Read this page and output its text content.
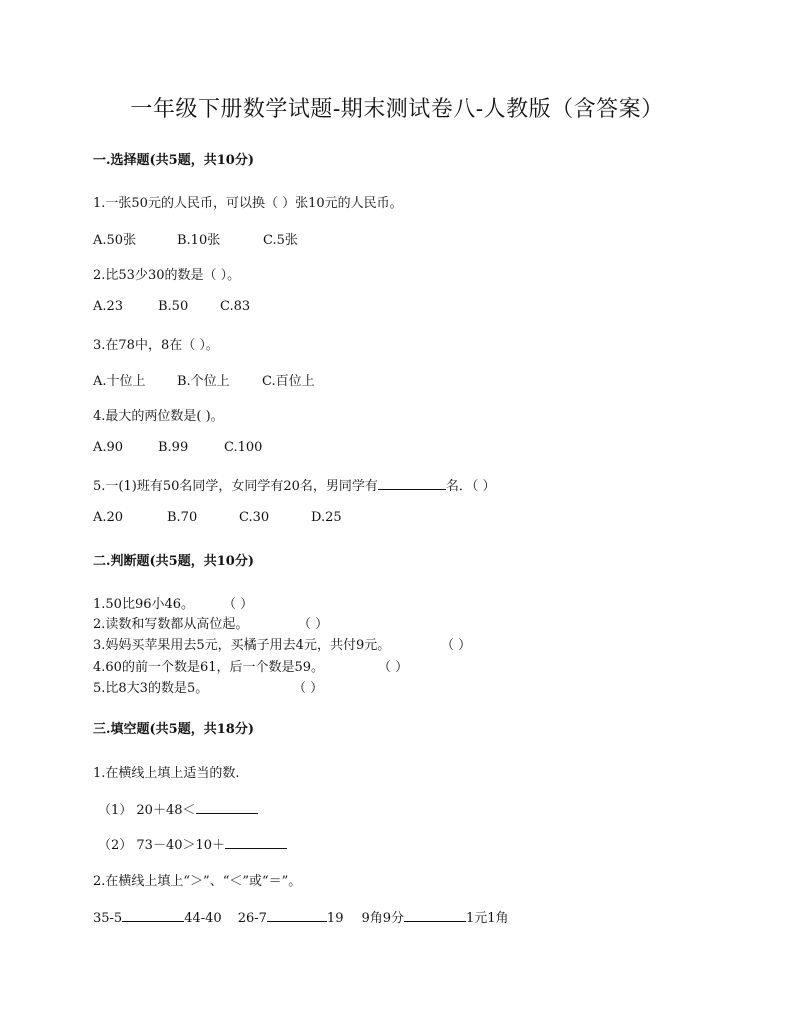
一年级下册数学试题-期末测试卷八-人教版（含答案）
一.选择题(共5题，共10分)
1.一张50元的人民币，可以换（ ）张10元的人民币。
A.50张	B.10张	C.5张
2.比53少30的数是（ ）。
A.23	B.50 C.83
3.在78中，8在（ ）。
A.十位上 B.个位上 C.百位上
4.最大的两位数是( )。
A.90	B.99	C.100
5.一(1)班有50名同学，女同学有20名，男同学有	名．（ ）
A.20	B.70	C.30	D.25
二.判断题(共5题，共10分)
1.50比96小46。 （ ）
2.读数和写数都从高位起。	（ ）
3.妈妈买苹果用去5元，买橘子用去4元，共付9元。	（ ）
4.60的前一个数是61，后一个数是59。	（ ）
5.比8大3的数是5。	（ ）
三.填空题(共5题，共18分)
1.在横线上填上适当的数.
（1） 20＋48＜
（2） 73－40＞10＋
2.在横线上填上“＞”、“＜”或“＝”。
35-5	44-40 26-7	19 9角9分	1元1角
